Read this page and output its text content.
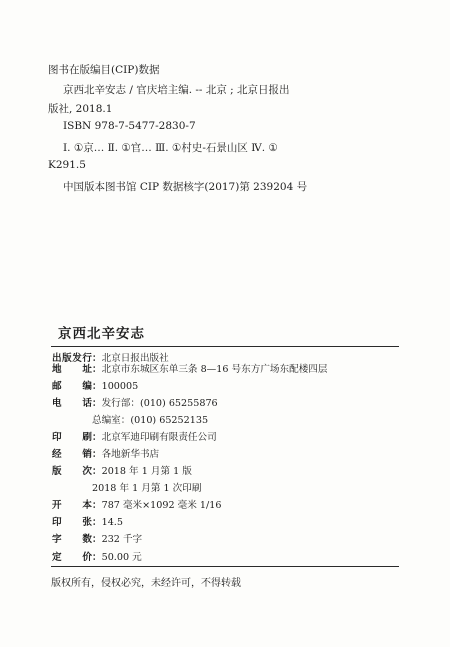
图书在版编目(CIP)数据
京西北辛安志 / 官庆培主编. -- 北京 ; 北京日报出
版社, 2018.1
ISBN 978-7-5477-2830-7
Ⅰ. ①京… Ⅱ. ①官… Ⅲ. ①村史-石景山区 Ⅳ. ①
K291.5
中国版本图书馆 CIP 数据核字(2017)第 239204 号
京西北辛安志
出版发行：北京日报出版社
地址：北京市东城区东单三条 8—16 号东方广场东配楼四层
邮编：100005
电话：发行部：(010) 65255876
总编室：(010) 65252135
印刷：北京军迪印刷有限责任公司
经销：各地新华书店
版次：2018 年 1 月第 1 版
2018 年 1 月第 1 次印刷
开本：787 毫米×1092 毫米 1/16
印张：14.5
字数：232 千字
版权所有，侵权必究，未经许可，不得转载
定价：50.00 元
